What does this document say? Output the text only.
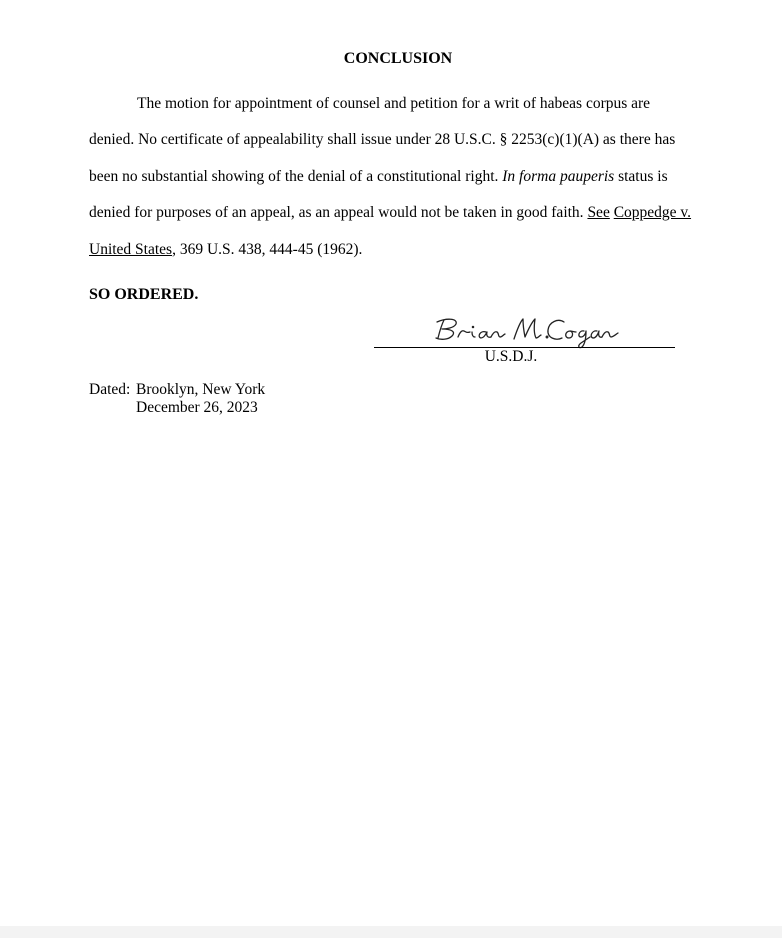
CONCLUSION
The motion for appointment of counsel and petition for a writ of habeas corpus are
denied. No certificate of appealability shall issue under 28 U.S.C. § 2253(c)(1)(A) as there has
been no substantial showing of the denial of a constitutional right. In forma pauperis status is
denied for purposes of an appeal, as an appeal would not be taken in good faith. See Coppedge v.
United States, 369 U.S. 438, 444-45 (1962).
SO ORDERED.
U.S.D.J.
Dated: Brooklyn, New York
December 26, 2023
